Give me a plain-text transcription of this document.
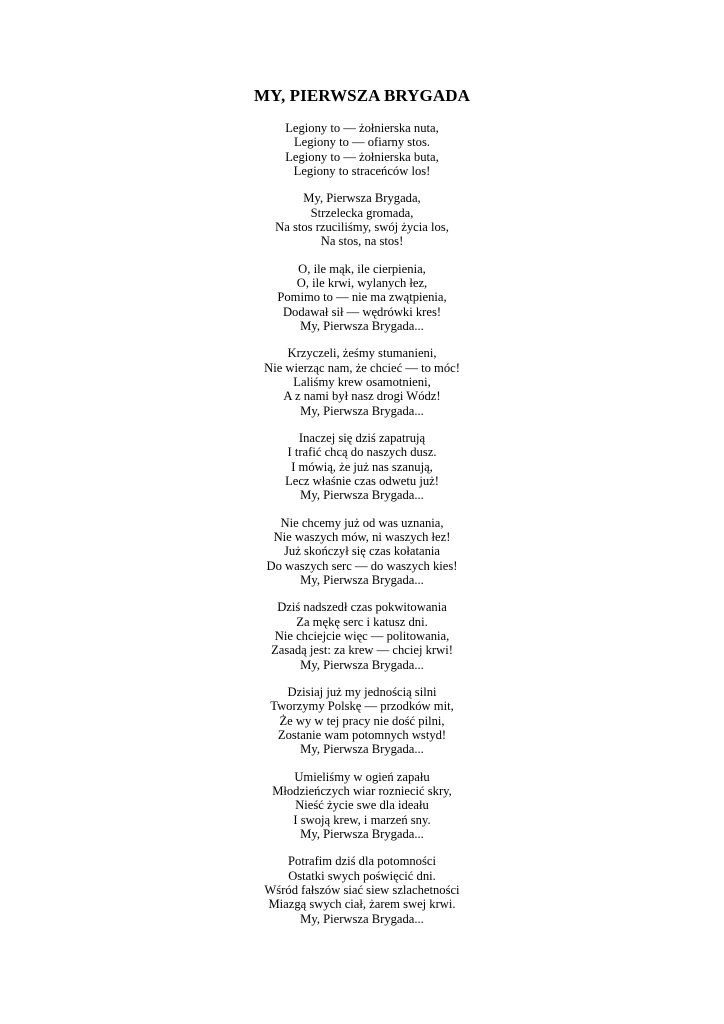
MY, PIERWSZA BRYGADA
Legiony to — żołnierska nuta,
Legiony to — ofiarny stos.
Legiony to — żołnierska buta,
Legiony to straceńców los!
My, Pierwsza Brygada,
Strzelecka gromada,
Na stos rzuciliśmy, swój życia los,
Na stos, na stos!
O, ile mąk, ile cierpienia,
O, ile krwi, wylanych łez,
Pomimo to — nie ma zwątpienia,
Dodawał sił — wędrówki kres!
My, Pierwsza Brygada...
Krzyczeli, żeśmy stumanieni,
Nie wierząc nam, że chcieć — to móc!
Laliśmy krew osamotnieni,
A z nami był nasz drogi Wódz!
My, Pierwsza Brygada...
Inaczej się dziś zapatrują
I trafić chcą do naszych dusz.
I mówią, że już nas szanują,
Lecz właśnie czas odwetu już!
My, Pierwsza Brygada...
Nie chcemy już od was uznania,
Nie waszych mów, ni waszych łez!
Już skończył się czas kołatania
Do waszych serc — do waszych kies!
My, Pierwsza Brygada...
Dziś nadszedł czas pokwitowania
Za mękę serc i katusz dni.
Nie chciejcie więc — politowania,
Zasadą jest: za krew — chciej krwi!
My, Pierwsza Brygada...
Dzisiaj już my jednością silni
Tworzymy Polskę — przodków mit,
Że wy w tej pracy nie dość pilni,
Zostanie wam potomnych wstyd!
My, Pierwsza Brygada...
Umieliśmy w ogień zapału
Młodzieńczych wiar rozniecić skry,
Nieść życie swe dla ideału
I swoją krew, i marzeń sny.
My, Pierwsza Brygada...
Potrafim dziś dla potomności
Ostatki swych poświęcić dni.
Wśród fałszów siać siew szlachetności
Miazgą swych ciał, żarem swej krwi.
My, Pierwsza Brygada...
